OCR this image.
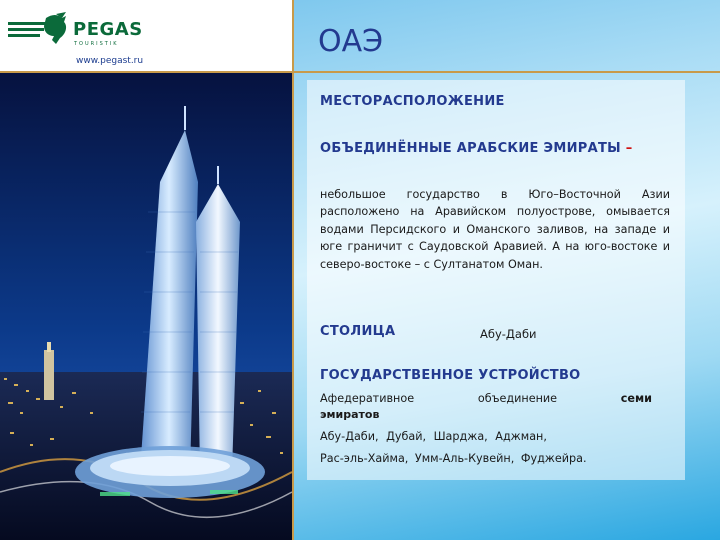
PEGAS
TOURISTIK
www.pegast.ru
ОАЭ
МЕСТОРАСПОЛОЖЕНИЕ
ОБЪЕДИНЁННЫЕ АРАБСКИЕ ЭМИРАТЫ –
небольшое государство в Юго–Восточной Азии расположено на Аравийском полуострове, омывается водами Персидского и Оманского заливов, на западе и юге граничит с Саудовской Аравией. А на юго-востоке и северо-востоке – с Султанатом Оман.
СТОЛИЦА	Абу-Даби
ГОСУДАРСТВЕННОЕ УСТРОЙСТВО
Афедеративное	объединение	семи
эмиратов
Абу-Даби, Дубай, Шарджа, Аджман,
Рас-эль-Хайма, Умм-Аль-Кувейн, Фуджейра.
